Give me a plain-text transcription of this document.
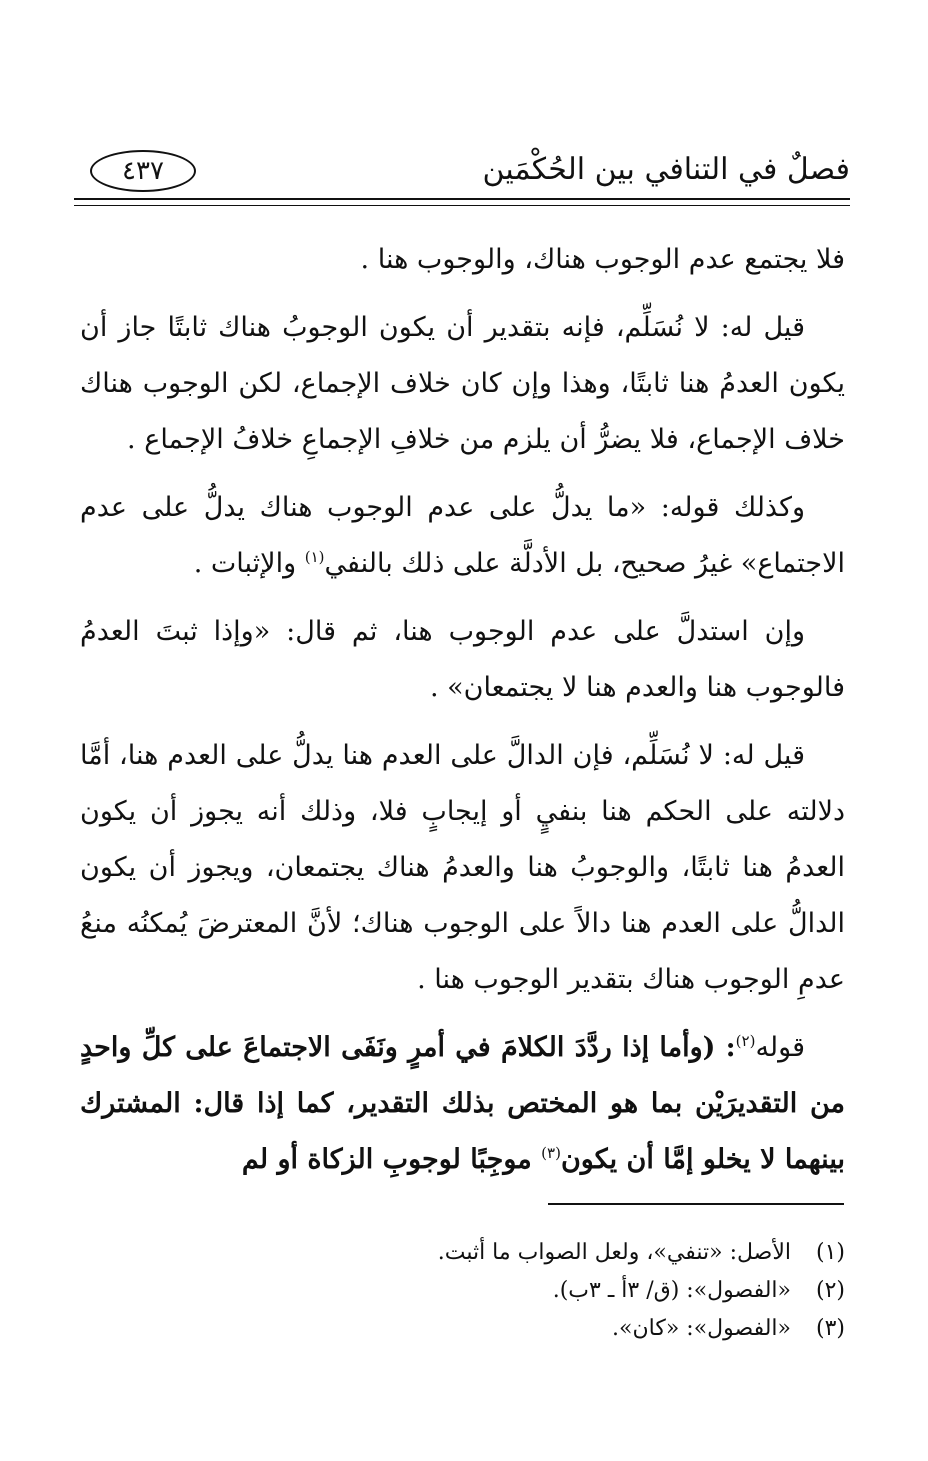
فصلٌ في التنافي بين الحُكْمَين
٤٣٧

فلا يجتمع عدم الوجوب هناك، والوجوب هنا .

قيل له: لا نُسَلِّم، فإنه بتقدير أن يكون الوجوبُ هناك ثابتًا جاز أن يكون العدمُ هنا ثابتًا، وهذا وإن كان خلاف الإجماع، لكن الوجوب هناك خلاف الإجماع، فلا يضرُّ أن يلزم من خلافِ الإجماعِ خلافُ الإجماع .

وكذلك قوله: «ما يدلُّ على عدم الوجوب هناك يدلُّ على عدم الاجتماع» غيرُ صحيح، بل الأدلَّة على ذلك بالنفي$^{(١)}$ والإثبات .

وإن استدلَّ على عدم الوجوب هنا، ثم قال: «وإذا ثبتَ العدمُ فالوجوب هنا والعدم هنا لا يجتمعان» .

قيل له: لا نُسَلِّم، فإن الدالَّ على العدم هنا يدلُّ على العدم هنا، أمَّا دلالته على الحكم هنا بنفيٍ أو إيجابٍ فلا، وذلك أنه يجوز أن يكون العدمُ هنا ثابتًا، والوجوبُ هنا والعدمُ هناك يجتمعان، ويجوز أن يكون الدالُّ على العدم هنا دالاً على الوجوب هناك؛ لأنَّ المعترضَ يُمكنُه منعُ عدمِ الوجوب هناك بتقدير الوجوب هنا .

قوله$^{(٢)}$: (وأما إذا ردَّدَ الكلامَ في أمرٍ ونَفَى الاجتماعَ على كلِّ واحدٍ من التقديرَيْن بما هو المختص بذلك التقدير، كما إذا قال: المشترك بينهما لا يخلو إمَّا أن يكون$^{(٣)}$ موجِبًا لوجوبِ الزكاة أو لم

(١)الأصل: «تنفي»، ولعل الصواب ما أثبت.
(٢)«الفصول»: (ق/ ٣أ ـ ٣ب).
(٣)«الفصول»: «كان».
